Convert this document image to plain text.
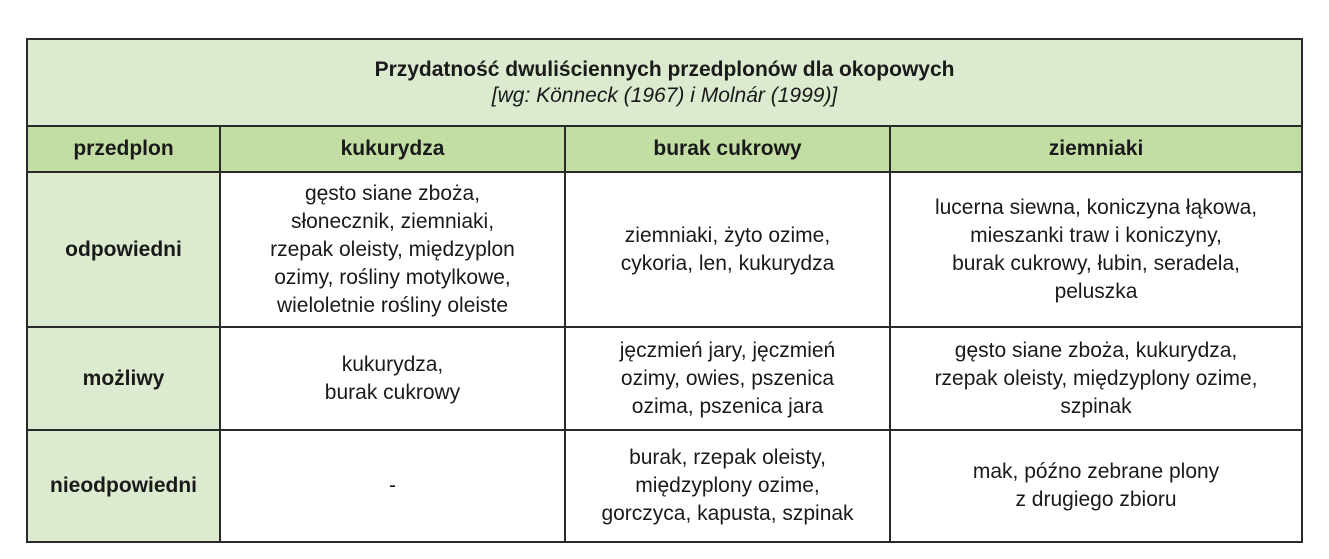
Przydatność dwuliściennych przedplonów dla okopowych
[wg: Könneck (1967) i Molnár (1999)]			

przedplon	kukurydza	burak cukrowy	ziemniaki
odpowiedni	gęsto siane zboża,
słonecznik, ziemniaki,
rzepak oleisty, międzyplon
ozimy, rośliny motylkowe,
wieloletnie rośliny oleiste	ziemniaki, żyto ozime,
cykoria, len, kukurydza	lucerna siewna, koniczyna łąkowa,
mieszanki traw i koniczyny,
burak cukrowy, łubin, seradela,
peluszka

możliwy	kukurydza,
burak cukrowy	jęczmień jary, jęczmień
ozimy, owies, pszenica
ozima, pszenica jara	gęsto siane zboża, kukurydza,
rzepak oleisty, międzyplony ozime,
szpinak

nieodpowiedni	-	burak, rzepak oleisty,
międzyplony ozime,
gorczyca, kapusta, szpinak	mak, późno zebrane plony
z drugiego zbioru
